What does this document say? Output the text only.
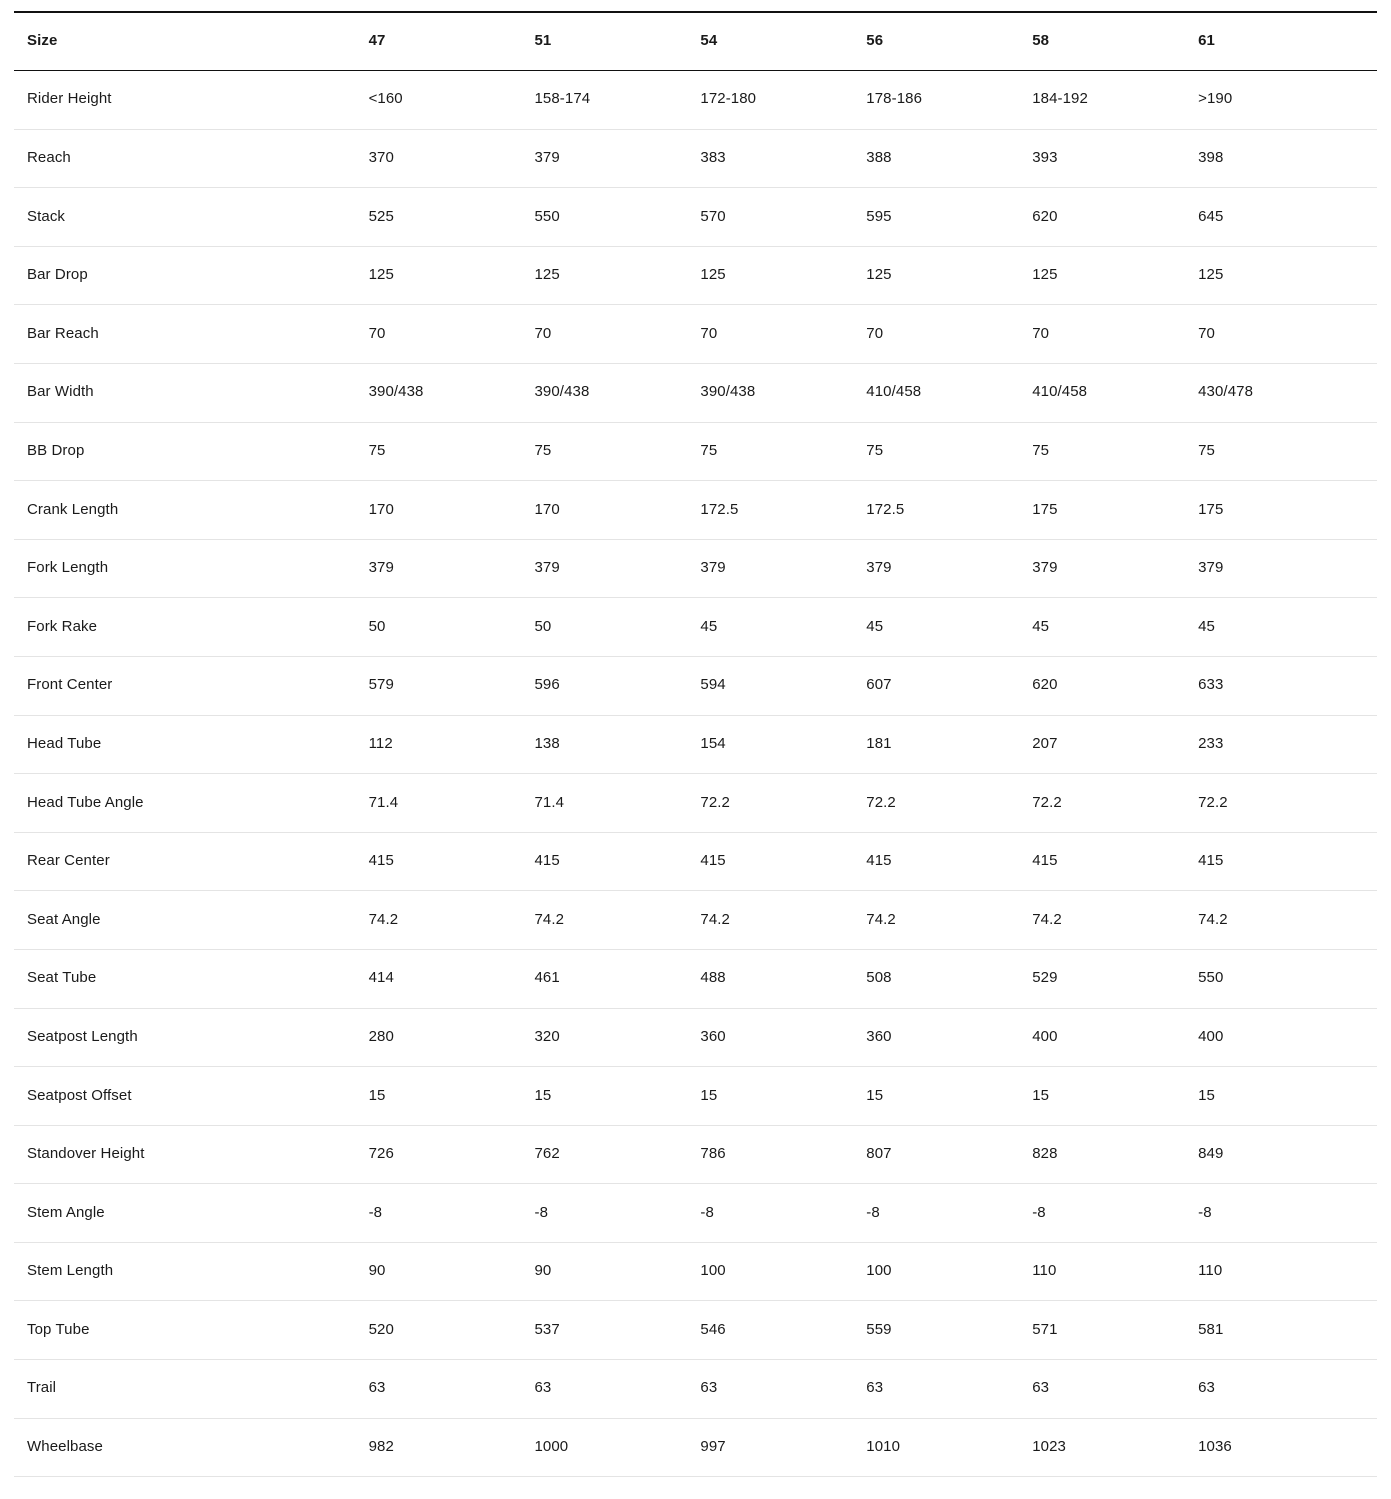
Size	47	51	54	56	58	61
Rider Height	<160	158-174	172-180	178-186	184-192	>190
Reach	370	379	383	388	393	398
Stack	525	550	570	595	620	645
Bar Drop	125	125	125	125	125	125
Bar Reach	70	70	70	70	70	70
Bar Width	390/438	390/438	390/438	410/458	410/458	430/478
BB Drop	75	75	75	75	75	75
Crank Length	170	170	172.5	172.5	175	175
Fork Length	379	379	379	379	379	379
Fork Rake	50	50	45	45	45	45
Front Center	579	596	594	607	620	633
Head Tube	112	138	154	181	207	233
Head Tube Angle	71.4	71.4	72.2	72.2	72.2	72.2
Rear Center	415	415	415	415	415	415
Seat Angle	74.2	74.2	74.2	74.2	74.2	74.2
Seat Tube	414	461	488	508	529	550
Seatpost Length	280	320	360	360	400	400
Seatpost Offset	15	15	15	15	15	15
Standover Height	726	762	786	807	828	849
Stem Angle	-8	-8	-8	-8	-8	-8
Stem Length	90	90	100	100	110	110
Top Tube	520	537	546	559	571	581
Trail	63	63	63	63	63	63
Wheelbase	982	1000	997	1010	1023	1036
